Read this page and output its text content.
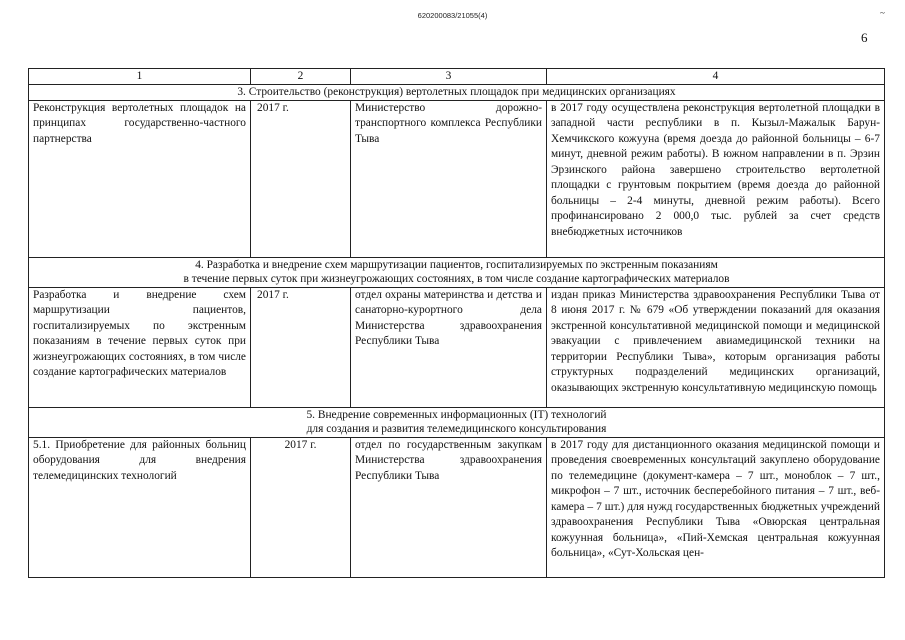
620200083/21055(4)	~
6
1	2	3	4
3. Строительство (реконструкция) вертолетных площадок при медицинских организациях			
Реконструкция вертолетных площадок на принципах государственно-частного партнерства	2017 г.	Министерство дорожно-транспортного комплекса Республики Тыва	в 2017 году осуществлена реконструкция вертолетной площадки в западной части республики в п. Кызыл-Мажалык Барун-Хемчикского кожууна (время доезда до районной больницы – 6-7 минут, дневной режим работы). В южном направлении в п. Эрзин Эрзинского района завершено строительство вертолетной площадки с грунтовым покрытием (время доезда до районной больницы – 2-4 минуты, дневной режим работы). Всего профинансировано 2 000,0 тыс. рублей за счет средств внебюджетных источников

4. Разработка и внедрение схем маршрутизации пациентов, госпитализируемых по экстренным показаниям
в течение первых суток при жизнеугрожающих состояниях, в том числе создание картографических материалов			

Разработка и внедрение схем маршрутизации пациентов, госпитализируемых по экстренным показаниям в течение первых суток при жизнеугрожающих состояниях, в том числе создание картографических материалов	2017 г.	отдел охраны материнства и детства и санаторно-курортного дела Министерства здравоохранения Республики Тыва	издан приказ Министерства здравоохранения Республики Тыва от 8 июня 2017 г. № 679 «Об утверждении показаний для оказания экстренной консультативной медицинской помощи и медицинской эвакуации с привлечением авиамедицинской техники на территории Республики Тыва», которым организация работы структурных подразделений медицинских организаций, оказывающих экстренную консультативную медицинскую помощь

5. Внедрение современных информационных (IT) технологий
для создания и развития телемедицинского консультирования			

5.1. Приобретение для районных больниц оборудования для внедрения телемедицинских технологий	2017 г.	отдел по государственным закупкам Министерства здравоохранения Республики Тыва	в 2017 году для дистанционного оказания медицинской помощи и проведения своевременных консультаций закуплено оборудование по телемедицине (документ-камера – 7 шт., моноблок – 7 шт., микрофон – 7 шт., источник бесперебойного питания – 7 шт., веб-камера – 7 шт.) для нужд государственных бюджетных учреждений здравоохранения Республики Тыва «Овюрская центральная кожуунная больница», «Пий-Хемская центральная кожуунная больница», «Сут-Хольская цен-
